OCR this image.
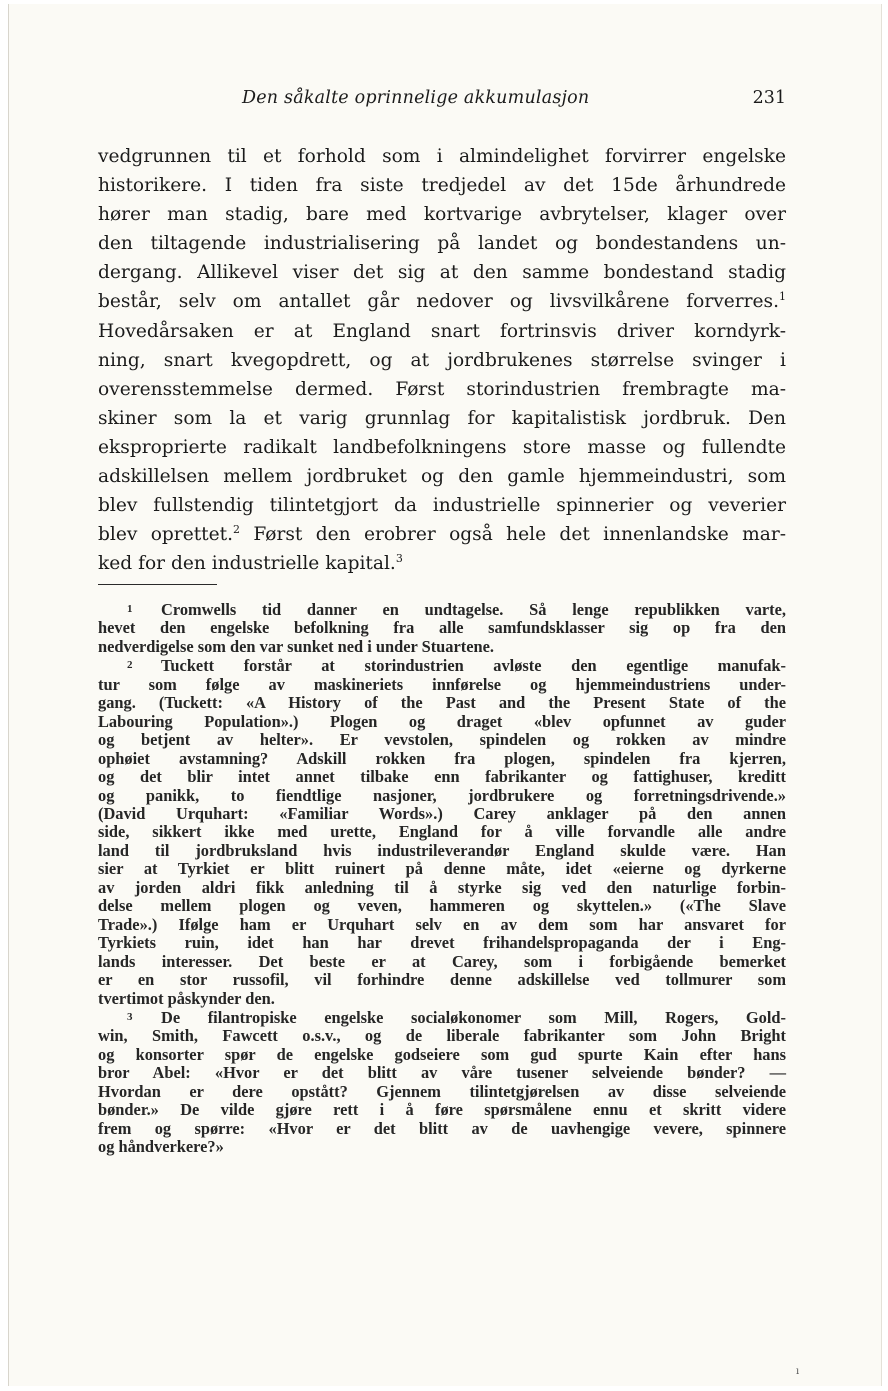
Den såkalte oprinnelige akkumulasjon	231
vedgrunnen til et forhold som i almindelighet forvirrer engelske
historikere. I tiden fra siste tredjedel av det 15de århundrede
hører man stadig, bare med kortvarige avbrytelser, klager over
den tiltagende industrialisering på landet og bondestandens un-
dergang. Allikevel viser det sig at den samme bondestand stadig
består, selv om antallet går nedover og livsvilkårene forverres.$^1$
Hovedårsaken er at England snart fortrinsvis driver korndyrk-
ning, snart kvegopdrett, og at jordbrukenes størrelse svinger i
overensstemmelse dermed. Først storindustrien frembragte ma-
skiner som la et varig grunnlag for kapitalistisk jordbruk. Den
eksproprierte radikalt landbefolkningens store masse og fullendte
adskillelsen mellem jordbruket og den gamle hjemmeindustri, som
blev fullstendig tilintetgjort da industrielle spinnerier og veverier
blev oprettet.$^2$ Først den erobrer også hele det innenlandske mar-
ked for den industrielle kapital.$^3$
1 Cromwells tid danner en undtagelse. Så lenge republikken varte,
hevet den engelske befolkning fra alle samfundsklasser sig op fra den
nedverdigelse som den var sunket ned i under Stuartene.
2 Tuckett forstår at storindustrien avløste den egentlige manufak-
tur som følge av maskineriets innførelse og hjemmeindustriens under-
gang. (Tuckett: «A History of the Past and the Present State of the
Labouring Population».) Plogen og draget «blev opfunnet av guder
og betjent av helter». Er vevstolen, spindelen og rokken av mindre
ophøiet avstamning? Adskill rokken fra plogen, spindelen fra kjerren,
og det blir intet annet tilbake enn fabrikanter og fattighuser, kreditt
og panikk, to fiendtlige nasjoner, jordbrukere og forretningsdrivende.»
(David Urquhart: «Familiar Words».) Carey anklager på den annen
side, sikkert ikke med urette, England for å ville forvandle alle andre
land til jordbruksland hvis industrileverandør England skulde være. Han
sier at Tyrkiet er blitt ruinert på denne måte, idet «eierne og dyrkerne
av jorden aldri fikk anledning til å styrke sig ved den naturlige forbin-
delse mellem plogen og veven, hammeren og skyttelen.» («The Slave
Trade».) Ifølge ham er Urquhart selv en av dem som har ansvaret for
Tyrkiets ruin, idet han har drevet frihandelspropaganda der i Eng-
lands interesser. Det beste er at Carey, som i forbigående bemerket
er en stor russofil, vil forhindre denne adskillelse ved tollmurer som
tvertimot påskynder den.
3 De filantropiske engelske socialøkonomer som Mill, Rogers, Gold-
win, Smith, Fawcett o.s.v., og de liberale fabrikanter som John Bright
og konsorter spør de engelske godseiere som gud spurte Kain efter hans
bror Abel: «Hvor er det blitt av våre tusener selveiende bønder? —
Hvordan er dere opstått? Gjennem tilintetgjørelsen av disse selveiende
bønder.» De vilde gjøre rett i å føre spørsmålene ennu et skritt videre
frem og spørre: «Hvor er det blitt av de uavhengige vevere, spinnere
og håndverkere?»
ı
